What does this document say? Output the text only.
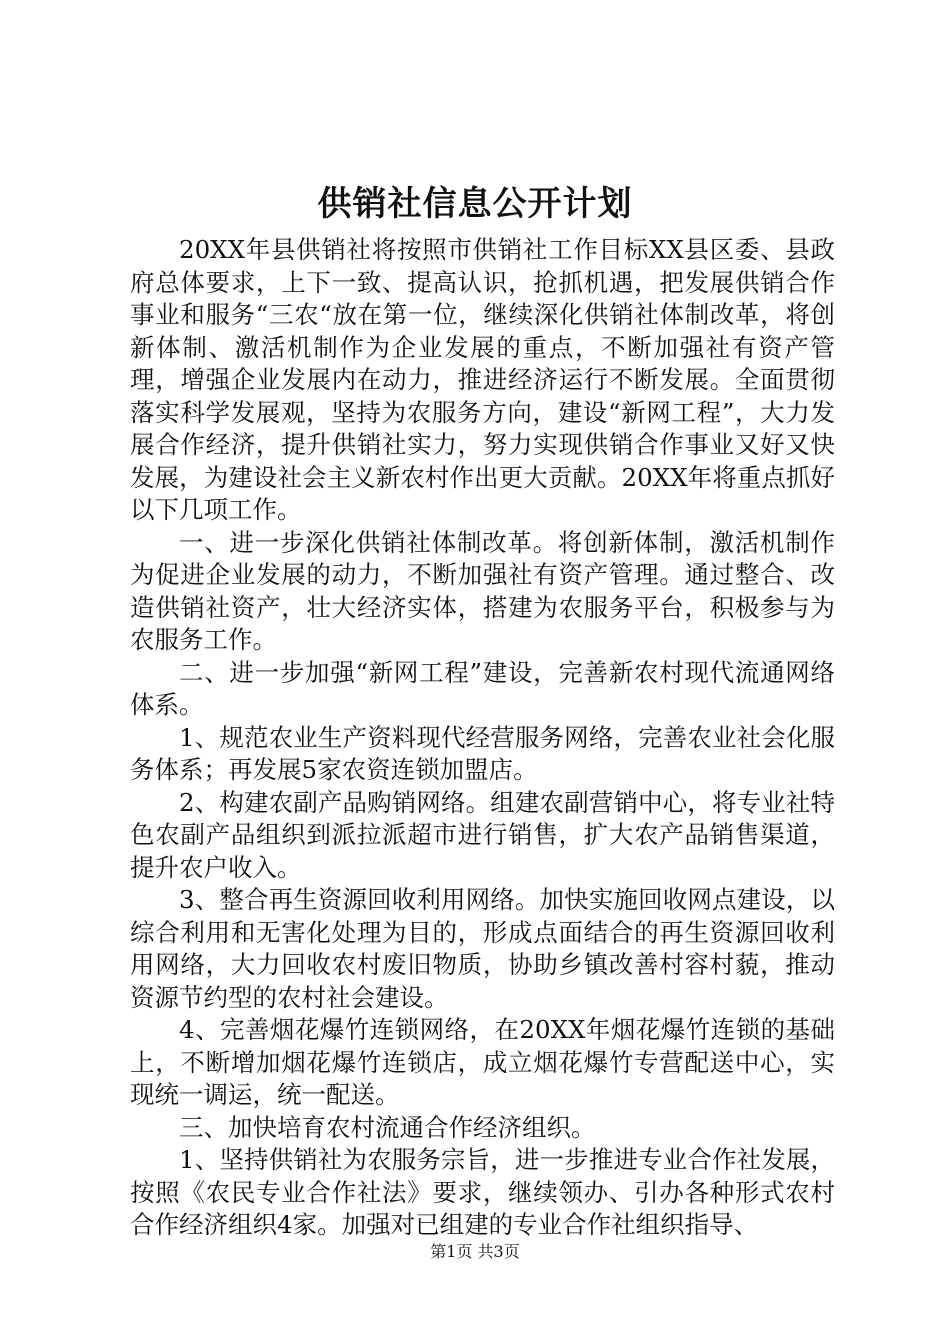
供销社信息公开计划

20XX年县供销社将按照市供销社工作目标XX县区委、县政府总体要求，上下一致、提高认识，抢抓机遇，把发展供销合作事业和服务“三农“放在第一位，继续深化供销社体制改革，将创新体制、激活机制作为企业发展的重点，不断加强社有资产管理，增强企业发展内在动力，推进经济运行不断发展。全面贯彻落实科学发展观，坚持为农服务方向，建设“新网工程”，大力发展合作经济，提升供销社实力，努力实现供销合作事业又好又快发展，为建设社会主义新农村作出更大贡献。20XX年将重点抓好以下几项工作。

一、进一步深化供销社体制改革。将创新体制，激活机制作为促进企业发展的动力，不断加强社有资产管理。通过整合、改造供销社资产，壮大经济实体，搭建为农服务平台，积极参与为农服务工作。

二、进一步加强“新网工程”建设，完善新农村现代流通网络体系。

1、规范农业生产资料现代经营服务网络，完善农业社会化服务体系；再发展5家农资连锁加盟店。

2、构建农副产品购销网络。组建农副营销中心，将专业社特色农副产品组织到派拉派超市进行销售，扩大农产品销售渠道，提升农户收入。

3、整合再生资源回收利用网络。加快实施回收网点建设，以综合利用和无害化处理为目的，形成点面结合的再生资源回收利用网络，大力回收农村废旧物质，协助乡镇改善村容村藐，推动资源节约型的农村社会建设。

4、完善烟花爆竹连锁网络，在20XX年烟花爆竹连锁的基础上，不断增加烟花爆竹连锁店，成立烟花爆竹专营配送中心，实现统一调运，统一配送。

三、加快培育农村流通合作经济组织。

1、坚持供销社为农服务宗旨，进一步推进专业合作社发展，按照《农民专业合作社法》要求，继续领办、引办各种形式农村合作经济组织4家。加强对已组建的专业合作社组织指导、

第1页 共3页
